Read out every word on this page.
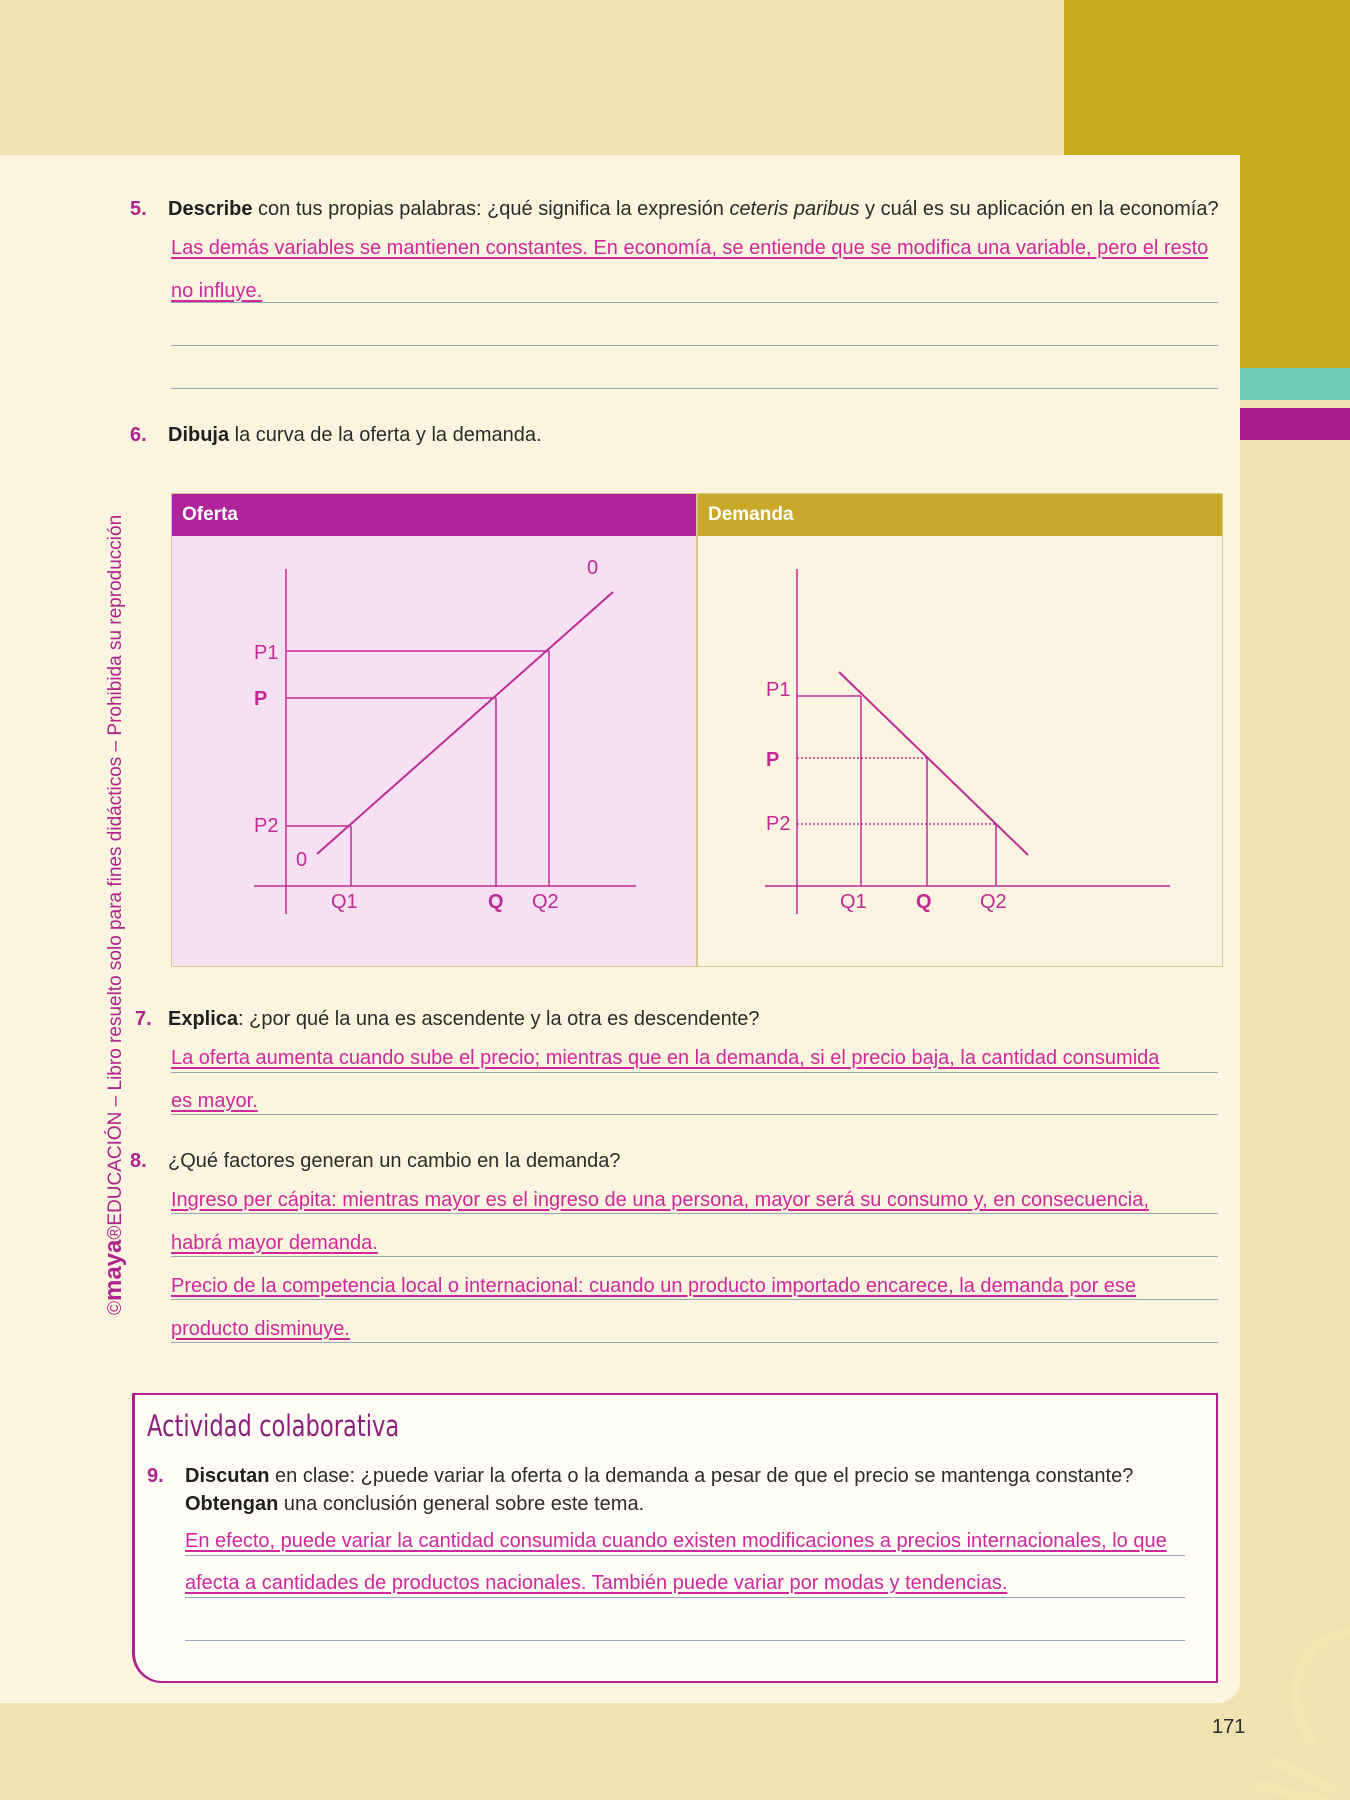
©maya®EDUCACIÓN – Libro resuelto solo para fines didácticos – Prohibida su reproducción
5. Describe con tus propias palabras: ¿qué significa la expresión ceteris paribus y cuál es su aplicación en la economía?
Las demás variables se mantienen constantes. En economía, se entiende que se modifica una variable, pero el resto
no influye.
6. Dibuja la curva de la oferta y la demanda.
Oferta
P1
P
P2
0
0
Q1	Q Q2
Demanda
P1
P
P2
Q1 Q Q2
7. Explica: ¿por qué la una es ascendente y la otra es descendente?
La oferta aumenta cuando sube el precio; mientras que en la demanda, si el precio baja, la cantidad consumida
es mayor.
8. ¿Qué factores generan un cambio en la demanda?
Ingreso per cápita: mientras mayor es el ingreso de una persona, mayor será su consumo y, en consecuencia,
habrá mayor demanda.
Precio de la competencia local o internacional: cuando un producto importado encarece, la demanda por ese
producto disminuye.
Actividad colaborativa
9. Discutan en clase: ¿puede variar la oferta o la demanda a pesar de que el precio se mantenga constante?
Obtengan una conclusión general sobre este tema.
En efecto, puede variar la cantidad consumida cuando existen modificaciones a precios internacionales, lo que
afecta a cantidades de productos nacionales. También puede variar por modas y tendencias.
171
